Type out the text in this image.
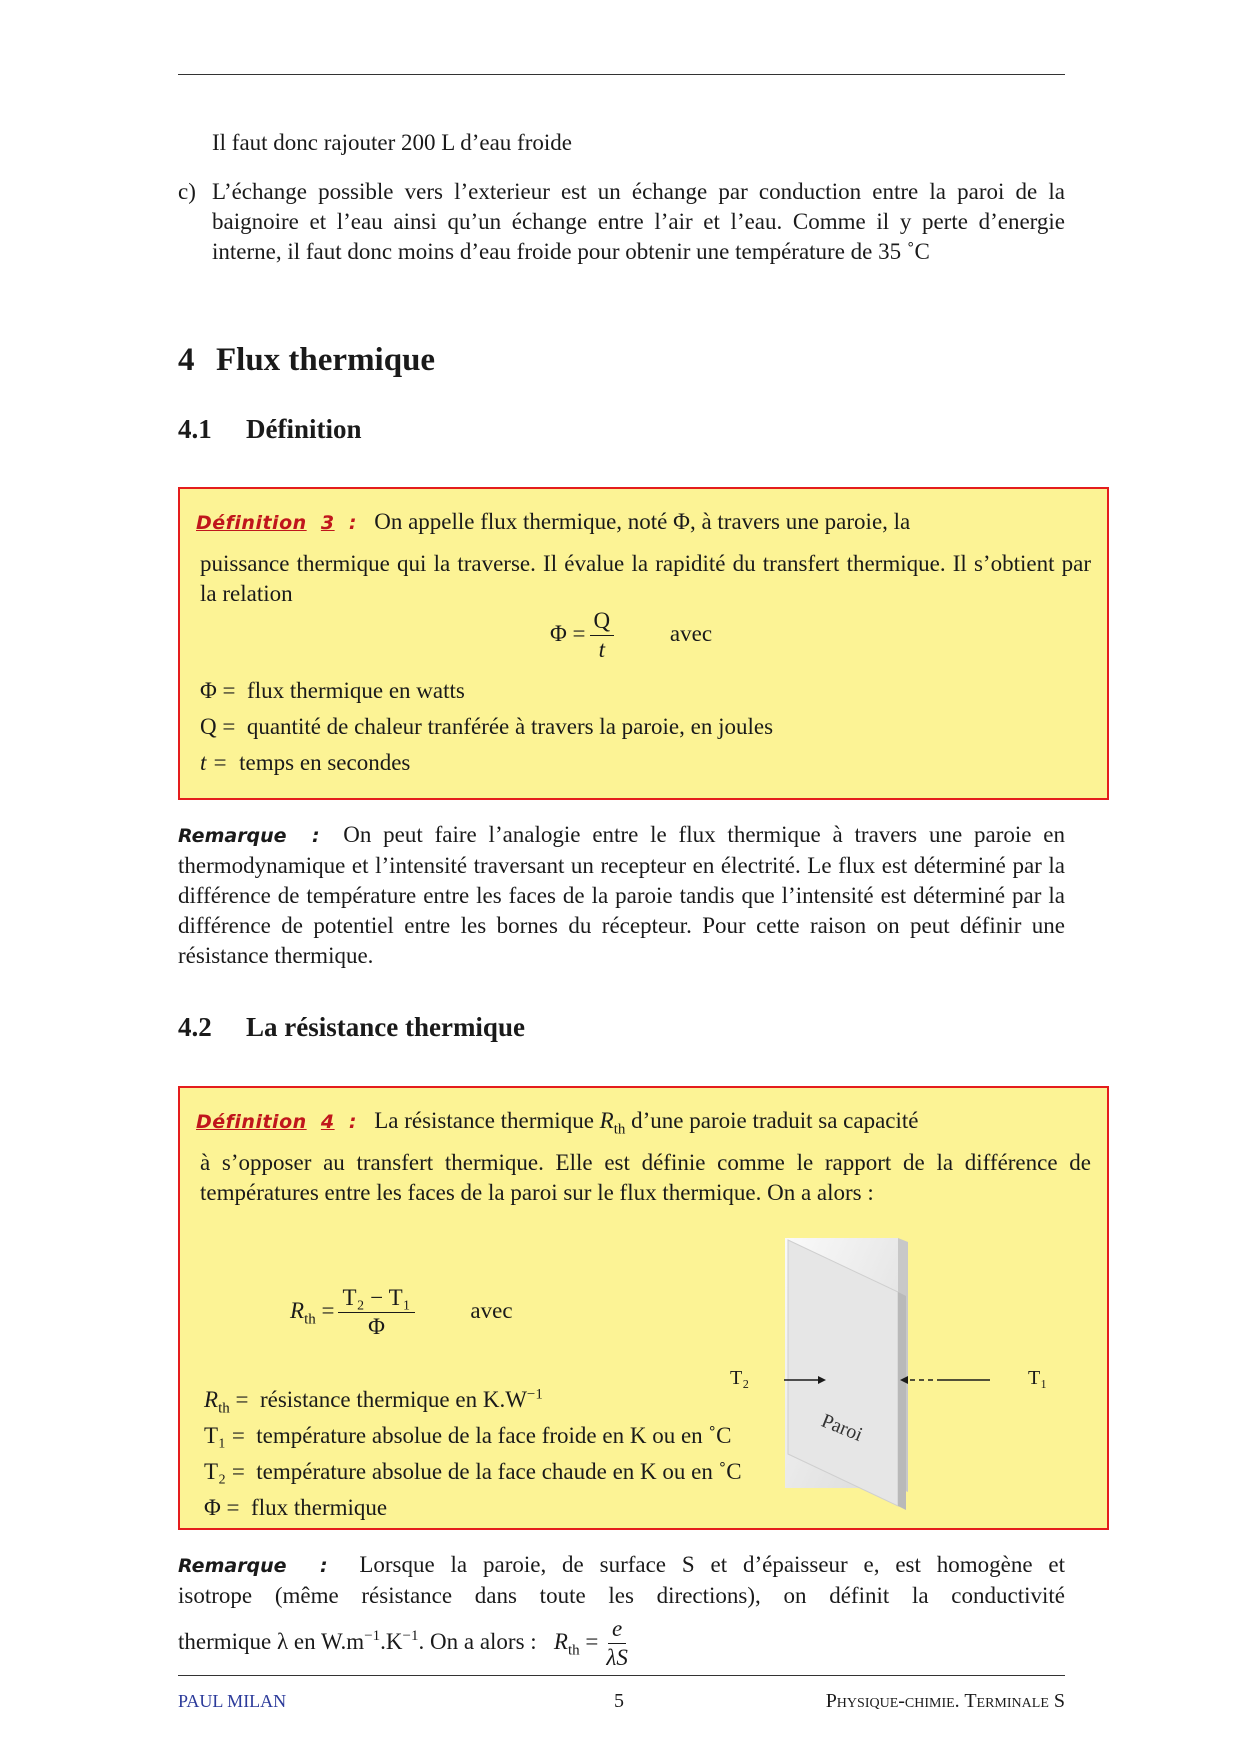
Il faut donc rajouter 200 L d’eau froide
c) L’échange possible vers l’exterieur est un échange par conduction entre la paroi de la baignoire et l’eau ainsi qu’un échange entre l’air et l’eau. Comme il y perte d’energie interne, il faut donc moins d’eau froide pour obtenir une température de 35 ˚C
4 Flux thermique
4.1 Définition
Définition 3 : On appelle flux thermique, noté Φ, à travers une paroie, la
puissance thermique qui la traverse. Il évalue la rapidité du transfert thermique. Il s’obtient par la relation
$\Phi = \frac{Q}{t}$ avec
Φ = flux thermique en watts
Q = quantité de chaleur tranférée à travers la paroie, en joules
t = temps en secondes
Remarque : On peut faire l’analogie entre le flux thermique à travers une paroie en thermodynamique et l’intensité traversant un recepteur en électrité. Le flux est déterminé par la différence de température entre les faces de la paroie tandis que l’intensité est déterminé par la différence de potentiel entre les bornes du récepteur. Pour cette raison on peut définir une résistance thermique.
4.2 La résistance thermique
Définition 4 : La résistance thermique $R_{th}$ d’une paroie traduit sa capacité
à s’opposer au transfert thermique. Elle est définie comme le rapport de la différence de températures entre les faces de la paroi sur le flux thermique. On a alors :
$R_{th} = \frac{\text{T₂ − T₁}}{\Phi}$ avec
$R_{th}$ = résistance thermique en $K.W^{-1}$
T₁ = température absolue de la face froide en K ou en ˚C
T₂ = température absolue de la face chaude en K ou en ˚C
Φ = flux thermique
T₂	T₁
Paroi
Remarque : Lorsque la paroie, de surface S et d’épaisseur e, est homogène et
isotrope (même résistance dans toute les directions), on définit la conductivité
thermique λ en $W.m^{-1}.K^{-1}$. On a alors : $R_{th} = \frac{e}{\lambda S}$
PAUL MILAN	5	Physique-chimie. Terminale S
